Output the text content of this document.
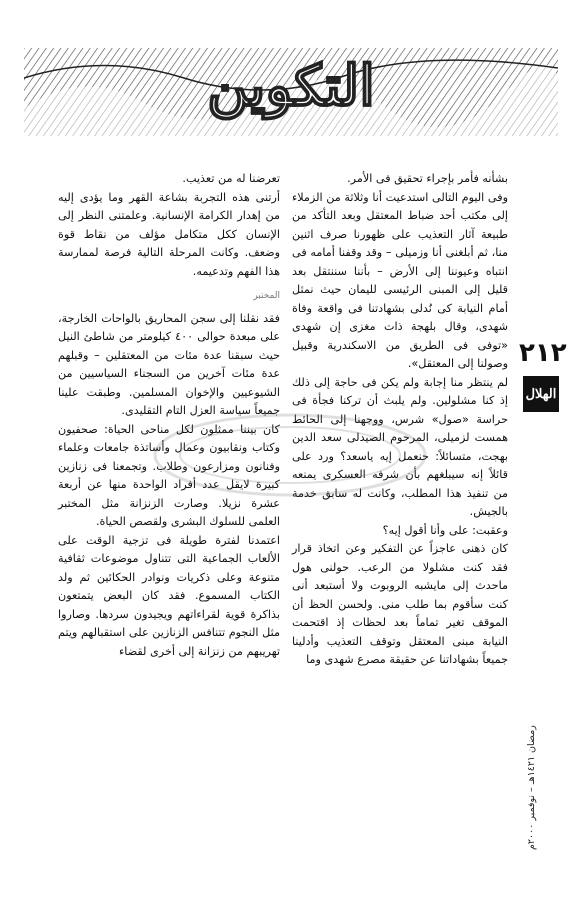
التكوين

بشأنه فأمر بإجراء تحقيق فى الأمر.

وفى اليوم التالى استدعيت أنا وثلاثة من الزملاء إلى مكتب أحد ضباط المعتقل وبعد التأكد من طبيعة آثار التعذيب على ظهورنا صرف اثنين منا، ثم أبلغنى أنا وزميلى – وقد وقفنا أمامه فى انتباه وعيوننا إلى الأرض – بأننا سننتقل بعد قليل إلى المبنى الرئيسى لليمان حيث نمثل أمام النيابة كى نُدلى بشهادتنا فى واقعة وفاة شهدى، وقال بلهجة ذات مغزى إن شهدى «توفى فى الطريق من الاسكندرية وقبيل وصولنا إلى المعتقل».

لم ينتظر منا إجابة ولم يكن فى حاجة إلى ذلك إذ كنا مشلولين. ولم يلبث أن تركنا فجأة فى حراسة «صول» شرس، ووجهنا إلى الحائط همست لزميلى، المرحوم الصيدلى سعد الدين بهجت، متسائلاً: حنعمل إيه ياسعد؟ ورد على قائلاً إنه سيبلغهم بأن شرفه العسكرى يمنعه من تنفيذ هذا المطلب، وكانت له سابق خدمة بالجيش.

وعقبت: على وأنا أقول إيه؟

كان ذهنى عاجزاً عن التفكير وعن اتخاذ قرار فقد كنت مشلولا من الرعب. حولنى هول ماحدث إلى مايشبه الروبوت ولا أستبعد أنى كنت سأقوم بما طلب منى. ولحسن الحظ أن الموقف تغير تماماً بعد لحظات إذ اقتحمت النيابة مبنى المعتقل وتوقف التعذيب وأدلينا جميعاً بشهاداتنا عن حقيقة مصرع شهدى وما

تعرضنا له من تعذيب.

أرتنى هذه التجربة بشاعة القهر وما يؤدى إليه من إهدار الكرامة الإنسانية. وعلمتنى النظر إلى الإنسان ككل متكامل مؤلف من نقاط قوة وضعف. وكانت المرحلة التالية فرصة لممارسة هذا الفهم وتدعيمه.

المختبر

فقد نقلنا إلى سجن المحاريق بالواحات الخارجة، على مبعدة حوالى ٤٠٠ كيلومتر من شاطئ النيل حيث سبقنا عدة مئات من المعتقلين – وقبلهم عدة مئات آخرين من السجناء السياسيين من الشيوعيين والإخوان المسلمين. وطبقت علينا جميعاً سياسة العزل التام التقليدى.

كان بيننا ممثلون لكل مناحى الحياة: صحفيون وكتاب ونقابيون وعمال وأساتذة جامعات وعلماء وفنانون ومزارعون وطلاب. وتجمعنا فى زنازين كبيرة لايقل عدد أفراد الواحدة منها عن أربعة عشرة نزيلا. وصارت الزنزانة مثل المختبر العلمى للسلوك البشرى ولقصص الحياة.

اعتمدنا لفترة طويلة فى تزجية الوقت على الألعاب الجماعية التى تتناول موضوعات ثقافية متنوعة وعلى ذكريات ونوادر الحكائين ثم ولد الكتاب المسموع. فقد كان البعض يتمتعون بذاكرة قوية لقراءاتهم ويجيدون سردها. وصاروا مثل النجوم تتنافس الزنازين على استقبالهم ويتم تهريبهم من زنزانة إلى أخرى لقضاء

٢١٢
الهلال
رمضان ١٤٢١هـ – نوفمبر ٢٠٠٠م
